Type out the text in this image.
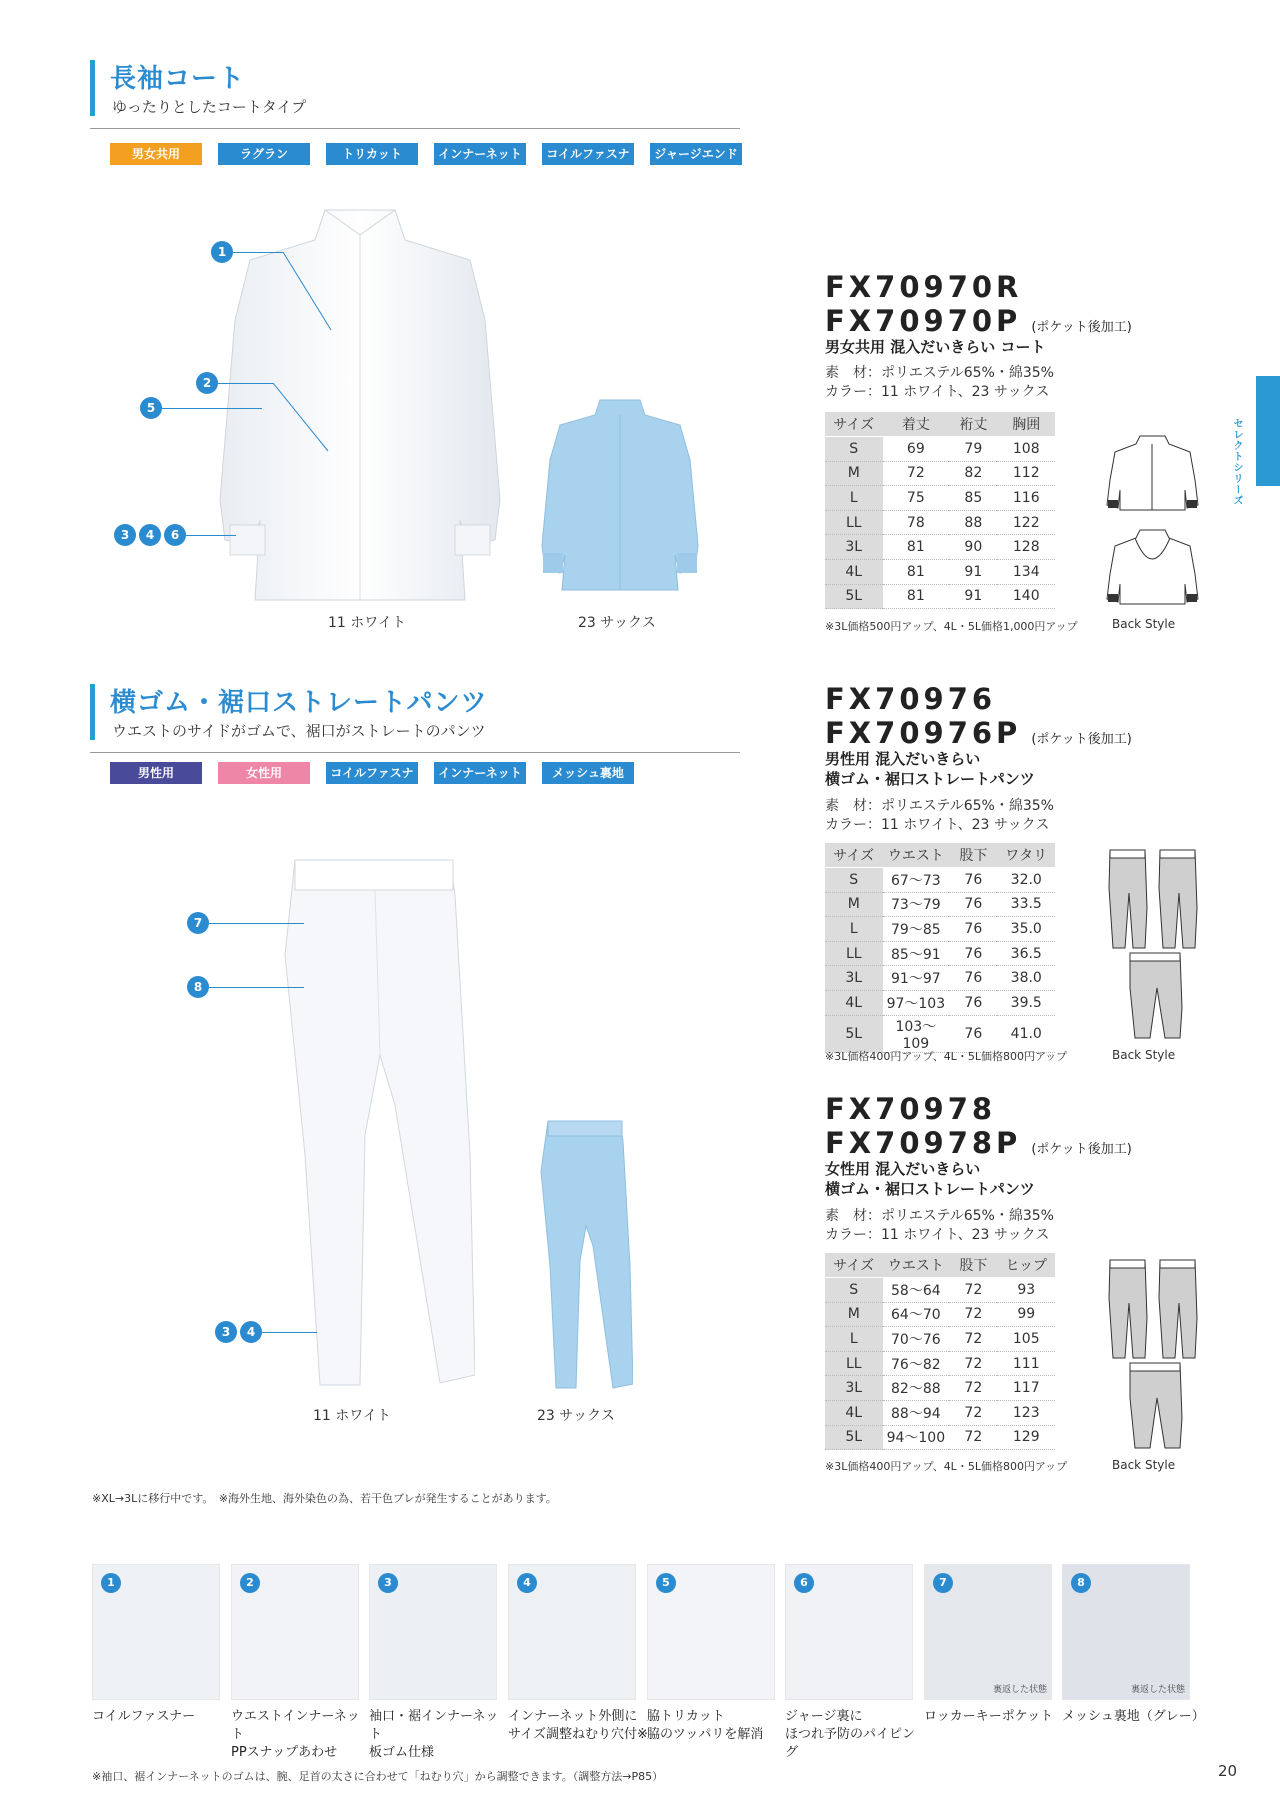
長袖コート
ゆったりとしたコートタイプ
男女共用	ラグラン	トリカット	インナーネット	コイルファスナー
ジャージエンド
1
2
5
3	4	6
11 ホワイト	23 サックス
FX70970R
FX70970P (ポケット後加工)
男女共用 混入だいきらい コート
素　材：ポリエステル65%・綿35%
カラー：11 ホワイト、23 サックス
サイズ	着丈	裄丈	胸囲
S	69	79	108
M	72	82	112
L	75	85	116
LL	78	88	122
3L	81	90	128
4L	81	91	134
5L	81	91	140
※3L価格500円アップ、4L・5L価格1,000円アップ	Back Style
横ゴム・裾口ストレートパンツ
ウエストのサイドがゴムで、裾口がストレートのパンツ
男性用	女性用	コイルファスナー
インナーネット	メッシュ裏地
7
8
3	4
11 ホワイト	23 サックス
FX70976
FX70976P (ポケット後加工)
男性用 混入だいきらい
横ゴム・裾口ストレートパンツ
素　材：ポリエステル65%・綿35%
カラー：11 ホワイト、23 サックス
サイズ	ウエスト	股下	ワタリ
S	67～73	76	32.0
M	73～79	76	33.5
L	79～85	76	35.0
LL	85～91	76	36.5
3L	91～97	76	38.0
4L	97～103	76	39.5
5L	103～109	76	41.0
※3L価格400円アップ、4L・5L価格800円アップ	Back Style
FX70978
FX70978P (ポケット後加工)
女性用 混入だいきらい
横ゴム・裾口ストレートパンツ
素　材：ポリエステル65%・綿35%
カラー：11 ホワイト、23 サックス
サイズ	ウエスト	股下	ヒップ
S	58～64	72	93
M	64～70	72	99
L	70～76	72	105
LL	76～82	72	111
3L	82～88	72	117
4L	88～94	72	123
5L	94～100	72	129
※3L価格400円アップ、4L・5L価格800円アップ	Back Style
セレクトシリーズ
※XL→3Lに移行中です。　※海外生地、海外染色の為、若干色ブレが発生することがあります。
1
コイルファスナー
2
ウエストインナーネット
PPスナップあわせ
3
袖口・裾インナーネット
板ゴム仕様
4
インナーネット外側に
サイズ調整ねむり穴付※
5
脇トリカット
脇のツッパリを解消
6
ジャージ裏に
ほつれ予防のパイピング
7
裏返した状態
ロッカーキーポケット
8
裏返した状態
メッシュ裏地（グレー）
※袖口、裾インナーネットのゴムは、腕、足首の太さに合わせて「ねむり穴」から調整できます。（調整方法→P85）	20
